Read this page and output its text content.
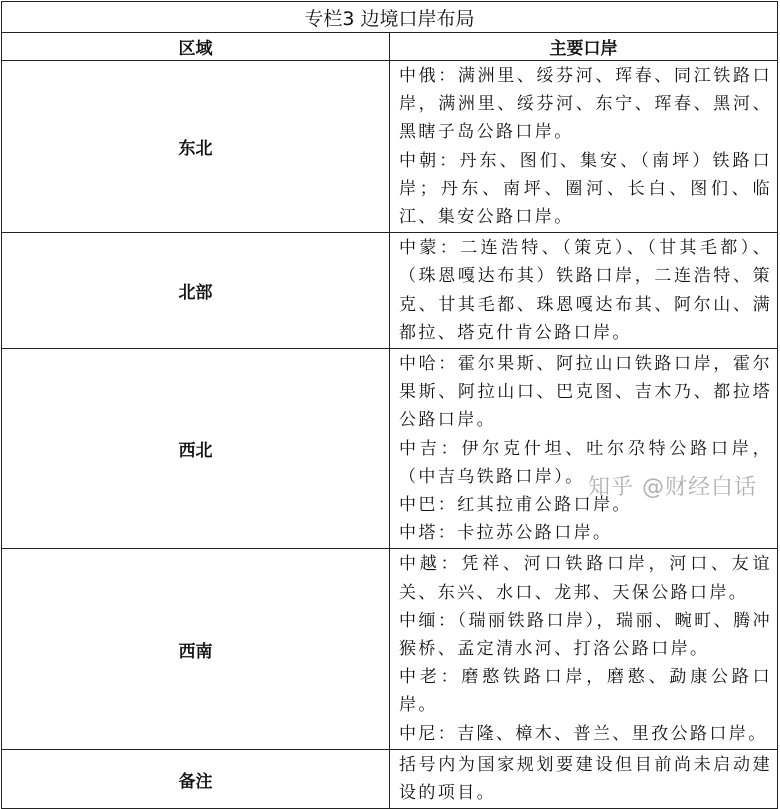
专栏3 边境口岸布局	
区域	主要口岸
东北	中俄：满洲里、绥芬河、珲春、同江铁路口岸，满洲里、绥芬河、东宁、珲春、黑河、黑瞎子岛公路口岸。
中朝：丹东、图们、集安、（南坪）铁路口岸；丹东、南坪、圈河、长白、图们、临江、集安公路口岸。

北部	中蒙：二连浩特、（策克）、（甘其毛都）、（珠恩嘎达布其）铁路口岸，二连浩特、策克、甘其毛都、珠恩嘎达布其、阿尔山、满都拉、塔克什肯公路口岸。

西北	中哈：霍尔果斯、阿拉山口铁路口岸，霍尔果斯、阿拉山口、巴克图、吉木乃、都拉塔公路口岸。
中吉：伊尔克什坦、吐尔尕特公路口岸，（中吉乌铁路口岸）。
中巴：红其拉甫公路口岸。
中塔：卡拉苏公路口岸。

西南	中越：凭祥、河口铁路口岸，河口、友谊关、东兴、水口、龙邦、天保公路口岸。
中缅：（瑞丽铁路口岸），瑞丽、畹町、腾冲猴桥、孟定清水河、打洛公路口岸。
中老：磨憨铁路口岸，磨憨、勐康公路口岸。
中尼：吉隆、樟木、普兰、里孜公路口岸。

备注	括号内为国家规划要建设但目前尚未启动建设的项目。
知乎 @财经白话
